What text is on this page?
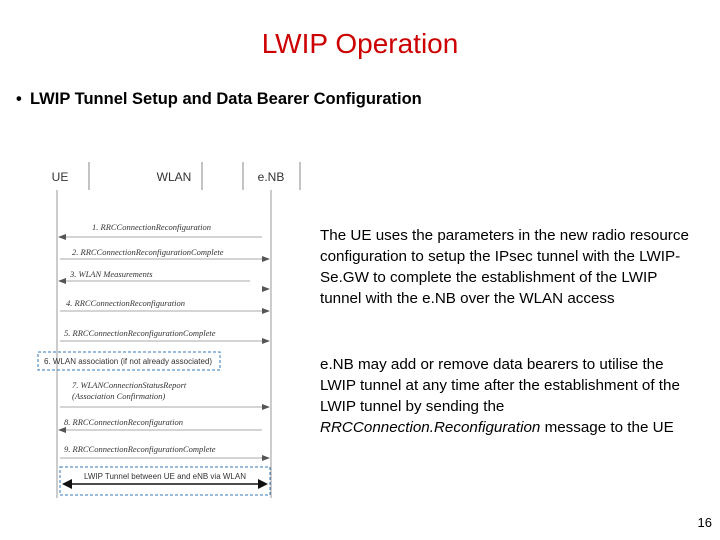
LWIP Operation
• LWIP Tunnel Setup and Data Bearer Configuration
UE	WLAN	e.NB
1. RRCConnectionReconfiguration
2. RRCConnectionReconfigurationComplete
3. WLAN Measurements
4. RRCConnectionReconfiguration
5. RRCConnectionReconfigurationComplete
6. WLAN association (if not already associated)
7. WLANConnectionStatusReport
(Association Confirmation)
8. RRCConnectionReconfiguration
9. RRCConnectionReconfigurationComplete
LWIP Tunnel between UE and eNB via WLAN
The UE uses the parameters in the new radio resource configuration to setup the IPsec tunnel with the LWIP-Se.GW to complete the establishment of the LWIP tunnel with the e.NB over the WLAN access
e.NB may add or remove data bearers to utilise the LWIP tunnel at any time after the establishment of the LWIP tunnel by sending the RRCConnection.Reconfiguration message to the UE
16
